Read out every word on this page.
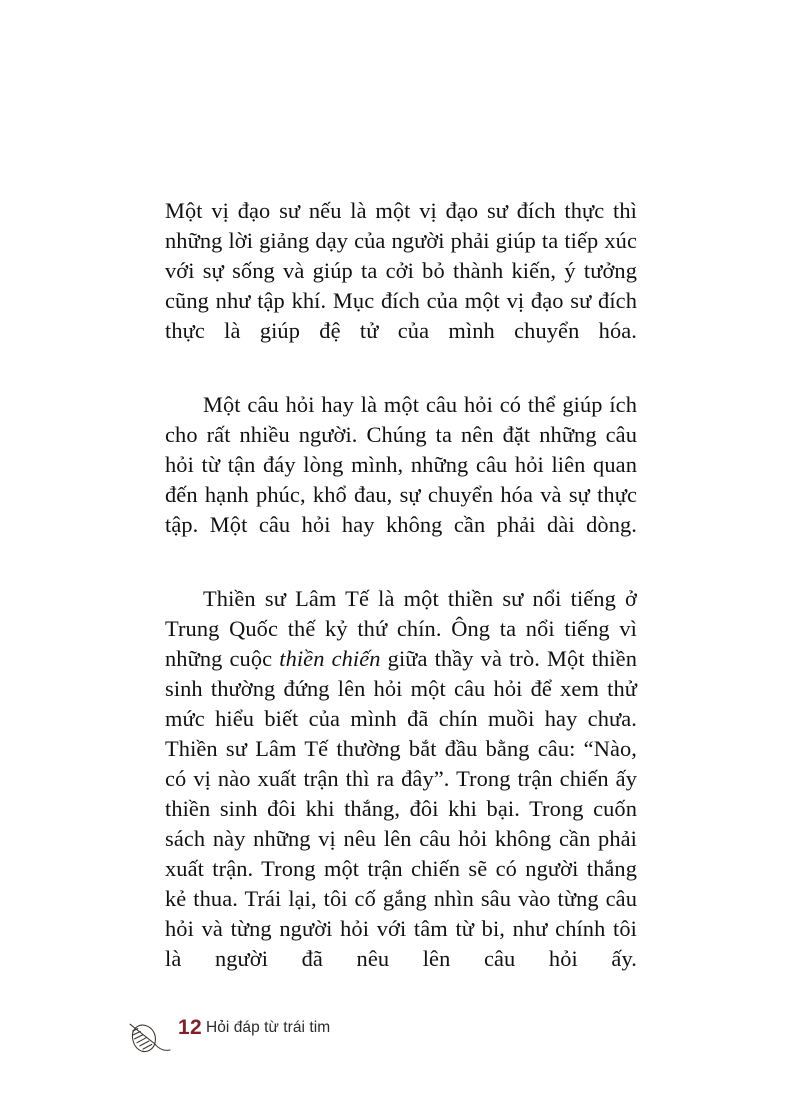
Một vị đạo sư nếu là một vị đạo sư đích thực thì những lời giảng dạy của người phải giúp ta tiếp xúc với sự sống và giúp ta cởi bỏ thành kiến, ý tưởng cũng như tập khí. Mục đích của một vị đạo sư đích thực là giúp đệ tử của mình chuyển hóa.

Một câu hỏi hay là một câu hỏi có thể giúp ích cho rất nhiều người. Chúng ta nên đặt những câu hỏi từ tận đáy lòng mình, những câu hỏi liên quan đến hạnh phúc, khổ đau, sự chuyển hóa và sự thực tập. Một câu hỏi hay không cần phải dài dòng.

Thiền sư Lâm Tế là một thiền sư nổi tiếng ở Trung Quốc thế kỷ thứ chín. Ông ta nổi tiếng vì những cuộc thiền chiến giữa thầy và trò. Một thiền sinh thường đứng lên hỏi một câu hỏi để xem thử mức hiểu biết của mình đã chín muồi hay chưa. Thiền sư Lâm Tế thường bắt đầu bằng câu: “Nào, có vị nào xuất trận thì ra đây”. Trong trận chiến ấy thiền sinh đôi khi thắng, đôi khi bại. Trong cuốn sách này những vị nêu lên câu hỏi không cần phải xuất trận. Trong một trận chiến sẽ có người thắng kẻ thua. Trái lại, tôi cố gắng nhìn sâu vào từng câu hỏi và từng người hỏi với tâm từ bi, như chính tôi là người đã nêu lên câu hỏi ấy.

12 Hỏi đáp từ trái tim
